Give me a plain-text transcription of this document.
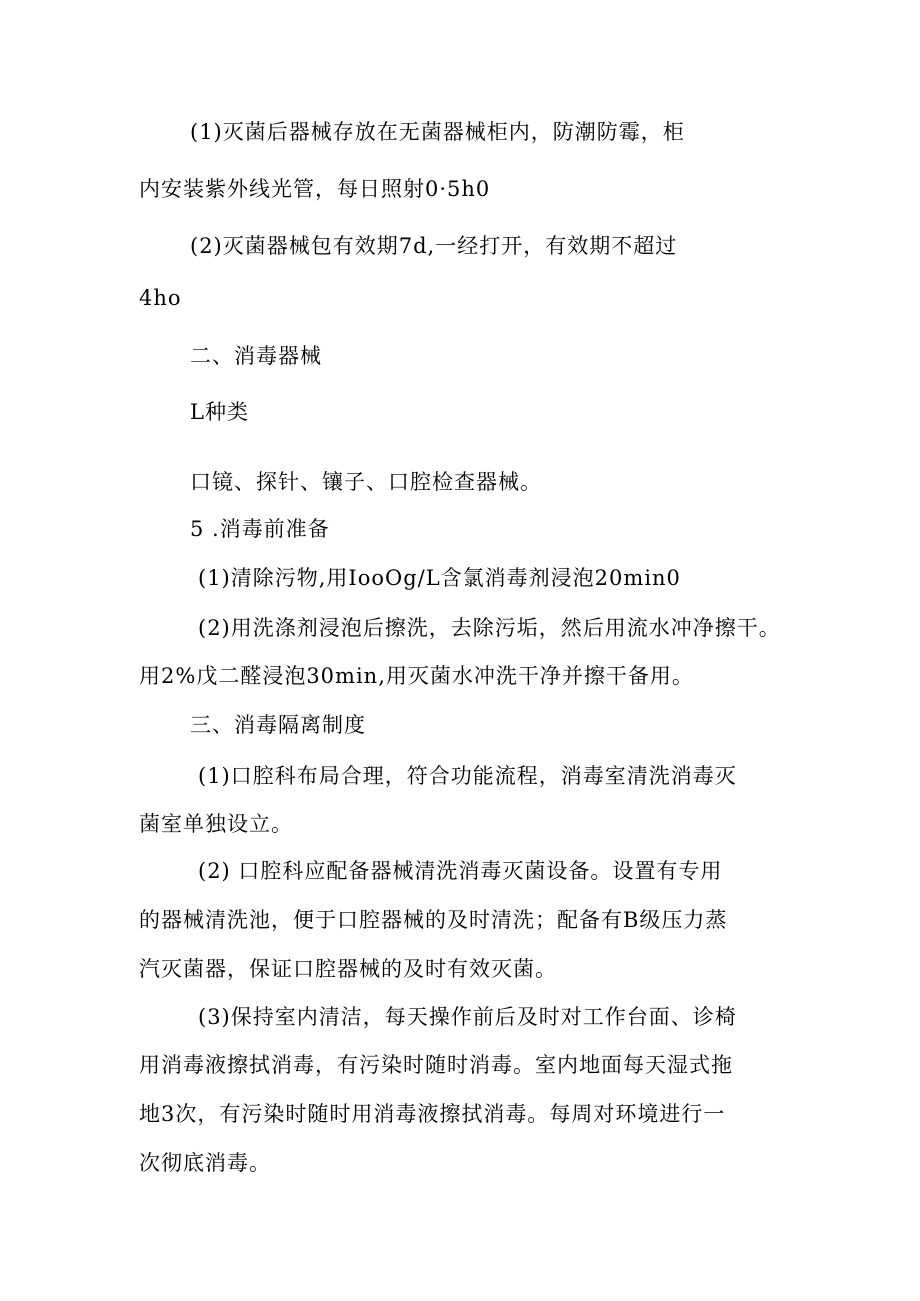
(1)灭菌后器械存放在无菌器械柜内，防潮防霉，柜
内安装紫外线光管，每日照射0·5h0
(2)灭菌器械包有效期7d,一经打开，有效期不超过
4ho
二、消毒器械
L种类
口镜、探针、镶子、口腔检查器械。
5 .消毒前准备
(1)清除污物,用IooOg/L含氯消毒剂浸泡20min0
(2)用洗涤剂浸泡后擦洗，去除污垢，然后用流水冲净擦干。
用2%戊二醛浸泡30min,用灭菌水冲洗干净并擦干备用。
三、消毒隔离制度
(1)口腔科布局合理，符合功能流程，消毒室清洗消毒灭
菌室单独设立。
(2) 口腔科应配备器械清洗消毒灭菌设备。设置有专用
的器械清洗池，便于口腔器械的及时清洗；配备有B级压力蒸
汽灭菌器，保证口腔器械的及时有效灭菌。
(3)保持室内清洁，每天操作前后及时对工作台面、诊椅
用消毒液擦拭消毒，有污染时随时消毒。室内地面每天湿式拖
地3次，有污染时随时用消毒液擦拭消毒。每周对环境进行一
次彻底消毒。
